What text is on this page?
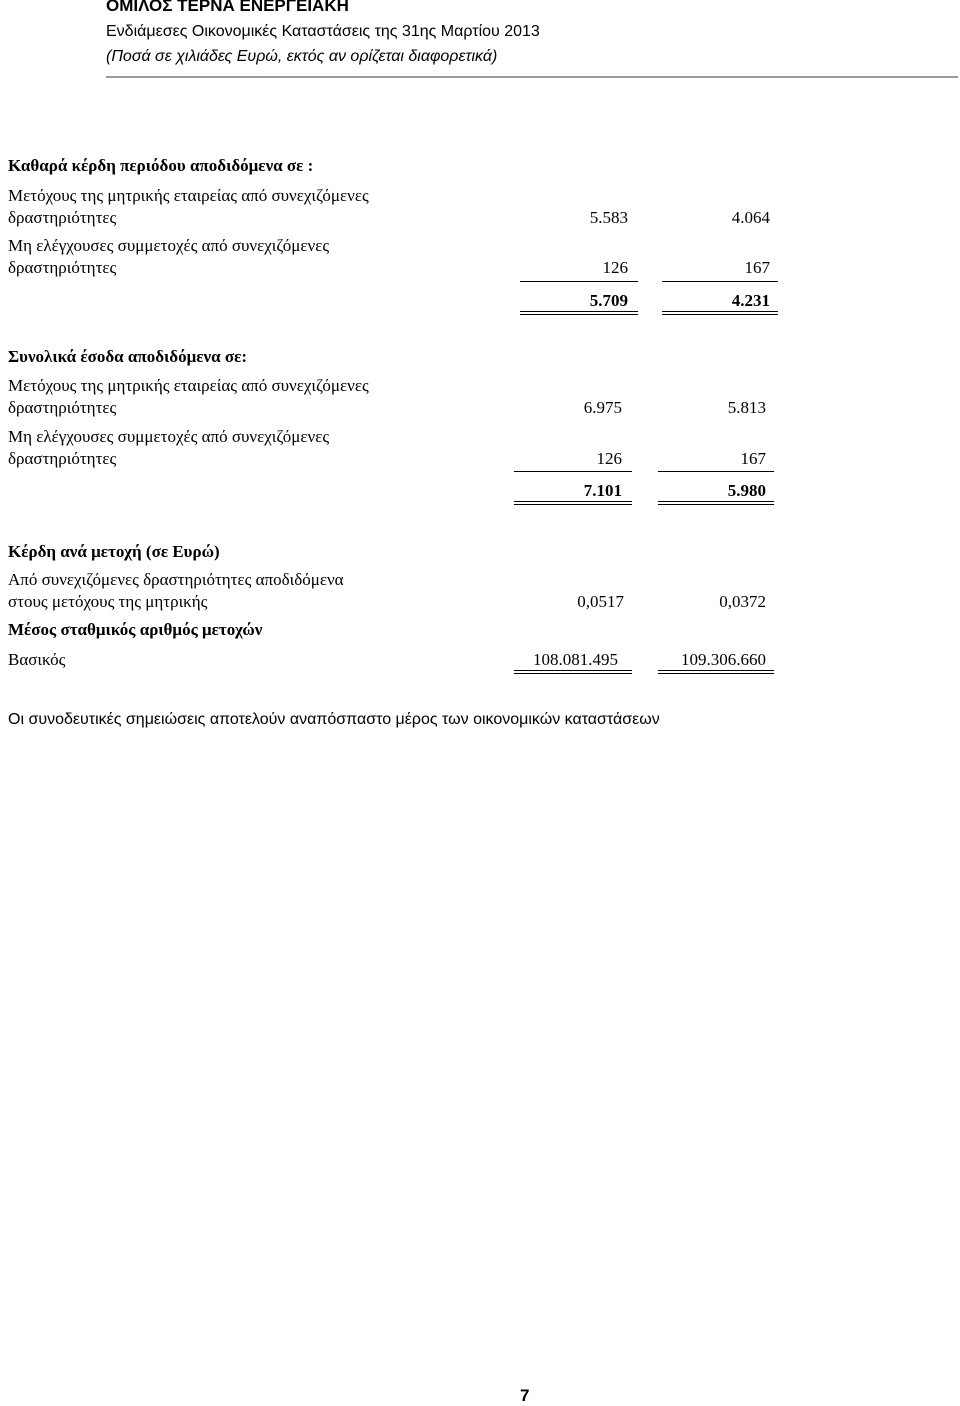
ΟΜΙΛΟΣ ΤΕΡΝΑ ΕΝΕΡΓΕΙΑΚΗ
Ενδιάμεσες Οικονομικές Καταστάσεις της 31ης Μαρτίου 2013
(Ποσά σε χιλιάδες Ευρώ, εκτός αν ορίζεται διαφορετικά)
Καθαρά κέρδη περιόδου αποδιδόμενα σε :
Μετόχους της μητρικής εταιρείας από συνεχιζόμενες
δραστηριότητες	5.583	4.064
Μη ελέγχουσες συμμετοχές από συνεχιζόμενες
δραστηριότητες	126	167
5.709	4.231
Συνολικά έσοδα αποδιδόμενα σε:
Μετόχους της μητρικής εταιρείας από συνεχιζόμενες
δραστηριότητες	6.975	5.813
Μη ελέγχουσες συμμετοχές από συνεχιζόμενες
δραστηριότητες	126	167
7.101	5.980
Κέρδη ανά μετοχή (σε Ευρώ)
Από συνεχιζόμενες δραστηριότητες αποδιδόμενα
στους μετόχους της μητρικής	0,0517	0,0372
Μέσος σταθμικός αριθμός μετοχών
Βασικός	108.081.495	109.306.660
Οι συνοδευτικές σημειώσεις αποτελούν αναπόσπαστο μέρος των οικονομικών καταστάσεων
7
